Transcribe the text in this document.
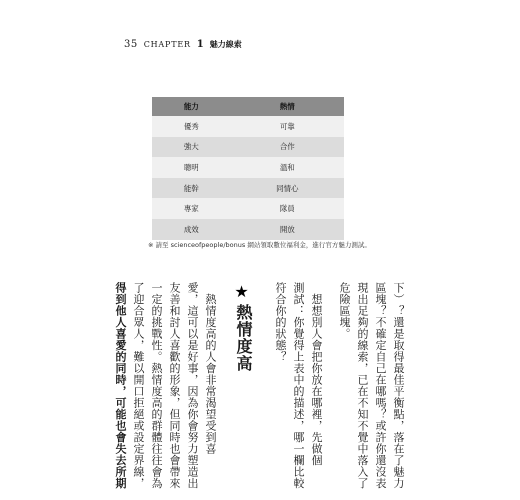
35 CHAPTER 1 魅力線索
能力	熱情
優秀	可靠
強大	合作
聰明	溫和
能幹	同情心
專家	隊員
成效	開放
※ 請至 scienceofpeople/bonus 網站領取數位福利金，進行官方魅力測試。
下）？還是取得最佳平衡點，落在了魅力
區塊？不確定自己在哪嗎？或許你還沒表
現出足夠的線索，已在不知不覺中落入了
危險區塊。
　想想別人會把你放在哪裡，先做個
測試：你覺得上表中的描述，哪一欄比較
符合你的狀態？
★
熱情度高
　熱情度高的人會非常渴望受到喜
愛，這可以是好事，因為你會努力塑造出
友善和討人喜歡的形象，但同時也會帶來
一定的挑戰性。熱情度高的群體往往會為
了迎合眾人，難以開口拒絕或設定界線，
得到他人喜愛的同時，可能也會失去所期
